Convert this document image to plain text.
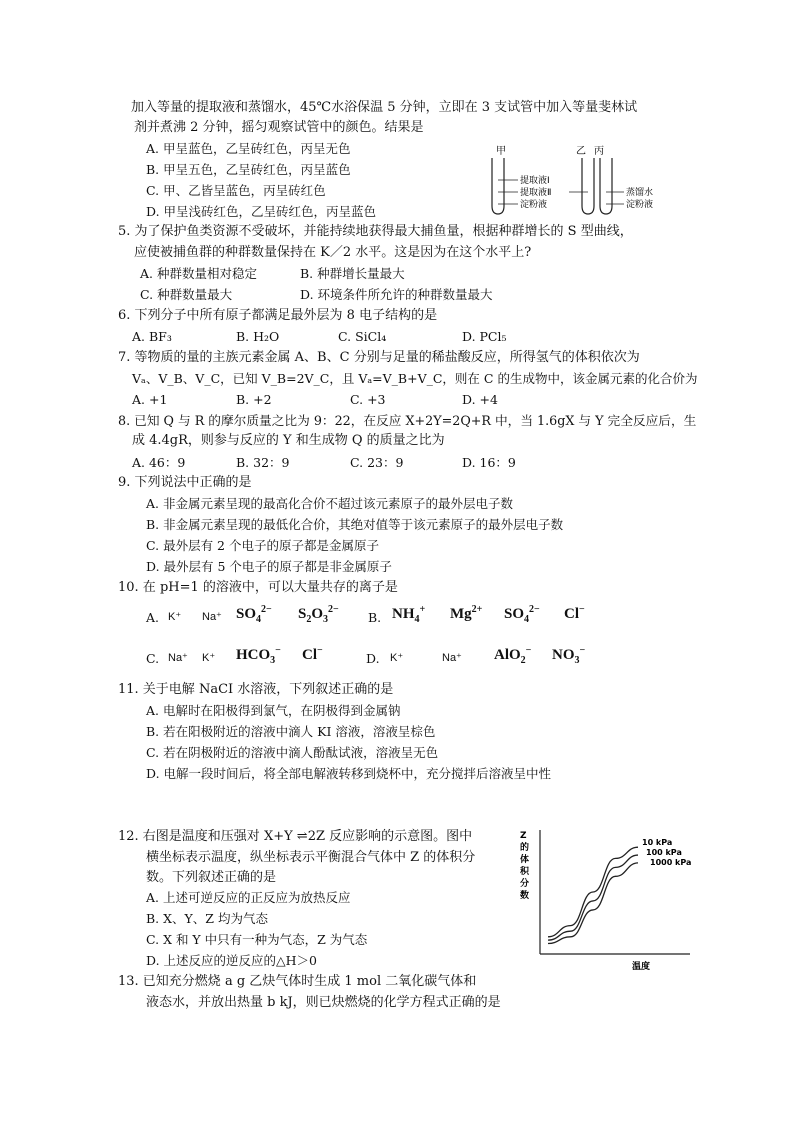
加入等量的提取液和蒸馏水，45℃水浴保温 5 分钟，立即在 3 支试管中加入等量斐林试
剂并煮沸 2 分钟，摇匀观察试管中的颜色。结果是
A. 甲呈蓝色，乙呈砖红色，丙呈无色
B. 甲呈五色，乙呈砖红色，丙呈蓝色
C. 甲、乙皆呈蓝色，丙呈砖红色
D. 甲呈浅砖红色，乙呈砖红色，丙呈蓝色
甲	乙 丙
提取液Ⅰ
提取液Ⅱ
淀粉液
蒸馏水
淀粉液
5. 为了保护鱼类资源不受破坏，并能持续地获得最大捕鱼量，根据种群增长的 S 型曲线，
应使被捕鱼群的种群数量保持在 K／2 水平。这是因为在这个水平上?
A. 种群数量相对稳定	B. 种群增长量最大
C. 种群数量最大	D. 环境条件所允许的种群数量最大
6. 下列分子中所有原子都满足最外层为 8 电子结构的是
A. BF₃	B. H₂O	C. SiCl₄	D. PCl₅
7. 等物质的量的主族元素金属 A、B、C 分别与足量的稀盐酸反应，所得氢气的体积依次为
Vₐ、V_B、V_C，已知 V_B=2V_C，且 Vₐ=V_B+V_C，则在 C 的生成物中，该金属元素的化合价为
A. +1	B. +2	C. +3	D. +4
8. 已知 Q 与 R 的摩尔质量之比为 9：22，在反应 X+2Y=2Q+R 中，当 1.6gX 与 Y 完全反应后，生
成 4.4gR，则参与反应的 Y 和生成物 Q 的质量之比为
A. 46：9	B. 32：9	C. 23：9	D. 16：9
9. 下列说法中正确的是
A. 非金属元素呈现的最高化合价不超过该元素原子的最外层电子数
B. 非金属元素呈现的最低化合价，其绝对值等于该元素原子的最外层电子数
C. 最外层有 2 个电子的原子都是金属原子
D. 最外层有 5 个电子的原子都是非金属原子
10. 在 pH=1 的溶液中，可以大量共存的离子是
A. K⁺ Na⁺ $SO_4^{2-}$ $S_2O_3^{2-}$
B. $NH_4^+$ $Mg^{2+}$ $SO_4^{2-}$ Cl−
C. Na⁺ K⁺ $HCO_3^-$ Cl−
D. K⁺	Na⁺ AlO$_2$− $NO_3^-$
11. 关于电解 NaCI 水溶液，下列叙述正确的是
A. 电解时在阳极得到氯气，在阴极得到金属钠
B. 若在阳极附近的溶液中滴人 KI 溶液，溶液呈棕色
C. 若在阴极附近的溶液中滴人酚酞试液，溶液呈无色
D. 电解一段时间后，将全部电解液转移到烧杯中，充分搅拌后溶液呈中性
12. 右图是温度和压强对 X+Y ⇌2Z 反应影响的示意图。图中
横坐标表示温度，纵坐标表示平衡混合气体中 Z 的体积分
数。下列叙述正确的是
A. 上述可逆反应的正反应为放热反应
B. X、Y、Z 均为气态
C. X 和 Y 中只有一种为气态，Z 为气态
D. 上述反应的逆反应的△H＞0
Z
的
体
积
分
数
温度
10 kPa
100 kPa
1000 kPa
13. 已知充分燃烧 a g 乙炔气体时生成 1 mol 二氧化碳气体和
液态水，并放出热量 b kJ，则已炔燃烧的化学方程式正确的是
